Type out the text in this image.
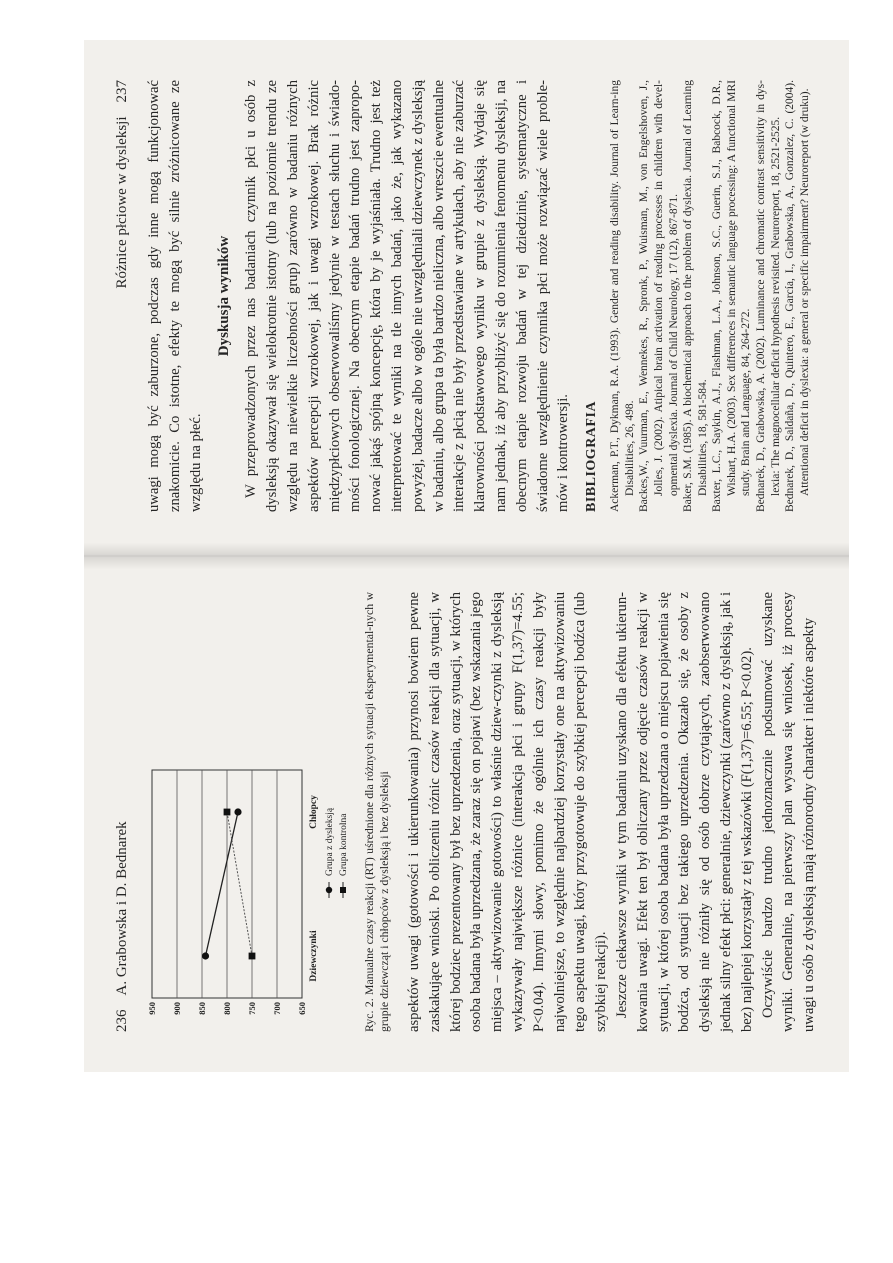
236A. Grabowska i D. Bednarek
950 900 850 800 750 700 650
Dziewczynki
Chłopcy Grupa z dysleksją Grupa kontrolna Ryc. 2. Manualne czasy reakcji (RT) uśrednione dla różnych sytuacji eksperymental-nych w grupie dziewcząt i chłopców z dysleksją i bez dysleksji aspektów uwagi (gotowości i ukierunkowania) przynosi bowiem pewne zaskakujące wnioski. Po obliczeniu różnic czasów reakcji dla sytuacji, w której bodziec prezentowany był bez uprzedzenia, oraz sytuacji, w których osoba badana była uprzedzana, że zaraz się on pojawi (bez wskazania jego miejsca – aktywizowanie gotowości) to właśnie dziew-czynki z dysleksją wykazywały największe różnice (interakcja płci i grupy F(1,37)=4.55; P<0.04). Innymi słowy, pomimo że ogólnie ich czasy reakcji były najwolniejsze, to względnie najbardziej korzystały one na aktywizowaniu tego aspektu uwagi, który przygotowuje do szybkiej percepcji bodźca (lub szybkiej reakcji). Jeszcze ciekawsze wyniki w tym badaniu uzyskano dla efektu ukierun-kowania uwagi. Efekt ten był obliczany przez odjęcie czasów reakcji w sytuacji, w której osoba badana była uprzedzana o miejscu pojawienia się bodźca, od sytuacji bez takiego uprzedzenia. Okazało się, że osoby z dysleksją nie różniły się od osób dobrze czytających, zaobserwowano jednak silny efekt płci: generalnie, dziewczynki (zarówno z dysleksją, jak i bez) najlepiej korzystały z tej wskazówki (F(1,37)=6.55; P<0.02). Oczywiście bardzo trudno jednoznacznie podsumować uzyskane wyniki. Generalnie, na pierwszy plan wysuwa się wniosek, iż procesy uwagi u osób z dysleksją mają różnorodny charakter i niektóre aspekty

Różnice płciowe w dysleksji237	uwagi mogą być zaburzone, podczas gdy inne mogą funkcjonować znakomicie. Co istotne, efekty te mogą być silnie zróżnicowane ze względu na płeć.

Dyskusja wyników W przeprowadzonych przez nas badaniach czynnik płci u osób z dysleksją okazywał się wielokrotnie istotny (lub na poziomie trendu ze względu na niewielkie liczebności grup) zarówno w badaniu różnych aspektów percepcji wzrokowej, jak i uwagi wzrokowej. Brak różnic międzypłciowych obserwowaliśmy jedynie w testach słuchu i świado-mości fonologicznej. Na obecnym etapie badań trudno jest zapropo-nować jakąś spójną koncepcję, która by je wyjaśniała. Trudno jest też interpretować te wyniki na tle innych badań, jako że, jak wykazano powyżej, badacze albo w ogóle nie uwzględniali dziewczynek z dysleksją w badaniu, albo grupa ta była bardzo nieliczna, albo wreszcie ewentualne interakcje z płcią nie były przedstawiane w artykułach, aby nie zaburzać klarowności podstawowego wyniku w grupie z dysleksją. Wydaje się nam jednak, iż aby przybliżyć się do rozumienia fenomenu dysleksji, na obecnym etapie rozwoju badań w tej dziedzinie, systematyczne i świadome uwzględnienie czynnika płci może rozwiązać wiele proble-mów i kontrowersji. BIBLIOGRAFIA Ackerman, P.T., Dykman, R.A. (1993). Gender and reading disability. Journal of Learn-ing Disabilities, 26, 498. Backes,W., Vuurman, E., Wennekes, R., Spronk, P., Wuisman, M., von Engelshoven, J., Jolles, J. (2002). Atipical brain activation of reading processes in children with devel-opmental dyslexia. Journal of Child Neurology, 17 (12), 867-871. Baker, S.M. (1985). A biochemical approach to the problem of dyslexia. Journal of Learning Disabilities, 18, 581-584. Baxter, L.C., Saykin, A.J., Flashman, L.A., Johnson, S.C., Guerin, S.J., Babcock, D.R., Wishart, H.A. (2003). Sex differences in semantic language processing: A functional MRI study. Brain and Language, 84, 264-272. Bednarek, D., Grabowska, A. (2002). Luminance and chromatic contrast sensitivity in dys-lexia: The magnocellular deficit hypothesis revisited. Neuroreport, 18, 2521-2525. Bednarek, D., Saldaña, D., Quintero, E., García, I., Grabowska, A., Gonzalez, C. (2004). Attentional deficit in dyslexia: a general or specific impairment? Neuroreport (w druku).
